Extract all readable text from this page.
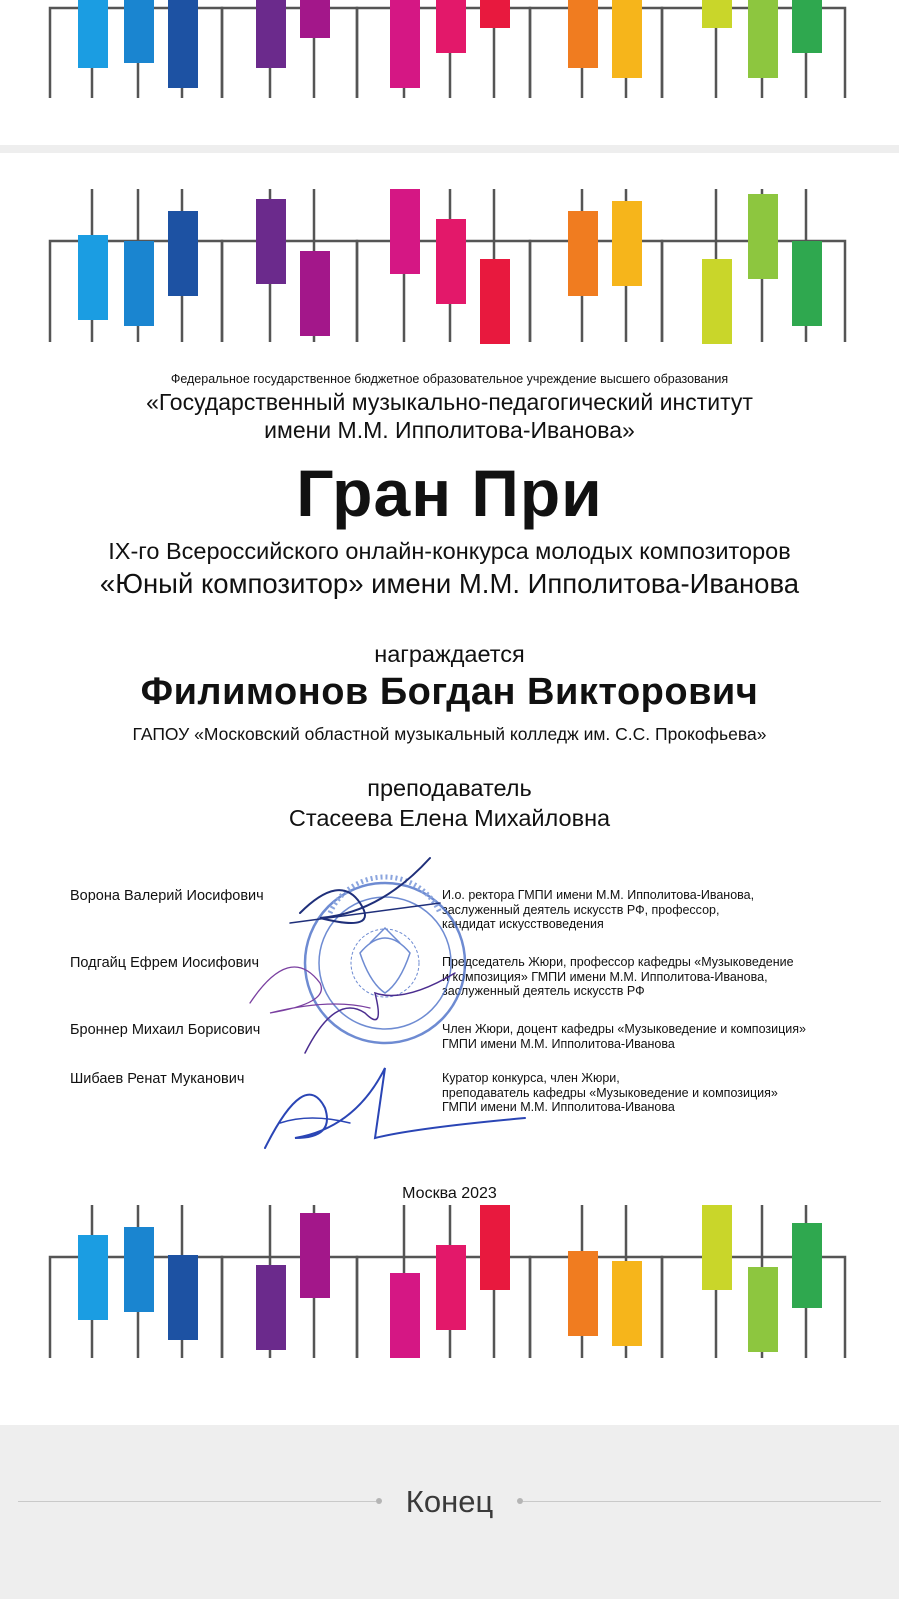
Федеральное государственное бюджетное образовательное учреждение высшего образования
«Государственный музыкально-педагогический институт
имени М.М. Ипполитова-Иванова»
Гран При
IX-го Всероссийского онлайн-конкурса молодых композиторов
«Юный композитор» имени М.М. Ипполитова-Иванова
награждается
Филимонов Богдан Викторович
ГАПОУ «Московский областной музыкальный колледж им. С.С. Прокофьева»
преподаватель
Стасеева Елена Михайловна
Ворона Валерий Иосифович	И.о. ректора ГМПИ имени М.М. Ипполитова-Иванова,
заслуженный деятель искусств РФ, профессор,
кандидат искусствоведения
Подгайц Ефрем Иосифович	Председатель Жюри, профессор кафедры «Музыковедение
и композиция» ГМПИ имени М.М. Ипполитова-Иванова,
заслуженный деятель искусств РФ
Броннер Михаил Борисович	Член Жюри, доцент кафедры «Музыковедение и композиция»
ГМПИ имени М.М. Ипполитова-Иванова
Шибаев Ренат Муканович	Куратор конкурса, член Жюри,
преподаватель кафедры «Музыковедение и композиция»
ГМПИ имени М.М. Ипполитова-Иванова
Москва 2023
Конец
